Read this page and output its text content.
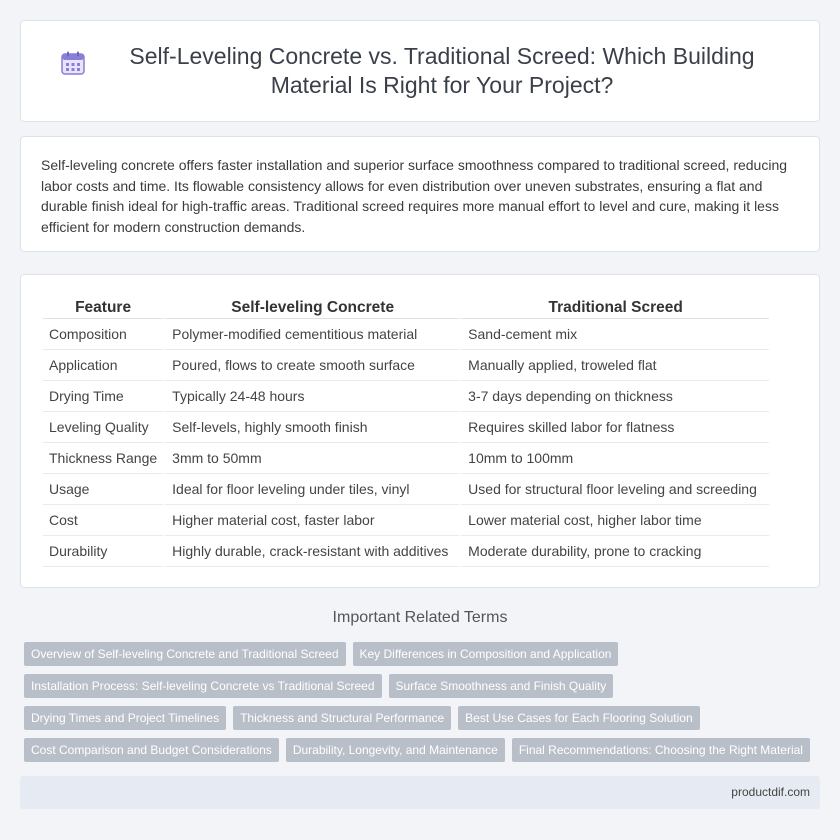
Self-Leveling Concrete vs. Traditional Screed: Which Building Material Is Right for Your Project?

Self-leveling concrete offers faster installation and superior surface smoothness compared to traditional screed, reducing labor costs and time. Its flowable consistency allows for even distribution over uneven substrates, ensuring a flat and durable finish ideal for high-traffic areas. Traditional screed requires more manual effort to level and cure, making it less efficient for modern construction demands.

Feature	Self-leveling Concrete	Traditional Screed
Composition	Polymer-modified cementitious material	Sand-cement mix
Application	Poured, flows to create smooth surface	Manually applied, troweled flat
Drying Time	Typically 24-48 hours	3-7 days depending on thickness
Leveling Quality	Self-levels, highly smooth finish	Requires skilled labor for flatness
Thickness Range	3mm to 50mm	10mm to 100mm
Usage	Ideal for floor leveling under tiles, vinyl	Used for structural floor leveling and screeding
Cost	Higher material cost, faster labor	Lower material cost, higher labor time
Durability	Highly durable, crack-resistant with additives	Moderate durability, prone to cracking
Important Related Terms
Overview of Self-leveling Concrete and Traditional Screed	Key Differences in Composition and Application
Installation Process: Self-leveling Concrete vs Traditional Screed	Surface Smoothness and Finish Quality
Drying Times and Project Timelines	Thickness and Structural Performance	Best Use Cases for Each Flooring Solution
Cost Comparison and Budget Considerations	Durability, Longevity, and Maintenance	Final Recommendations: Choosing the Right Material
productdif.com
